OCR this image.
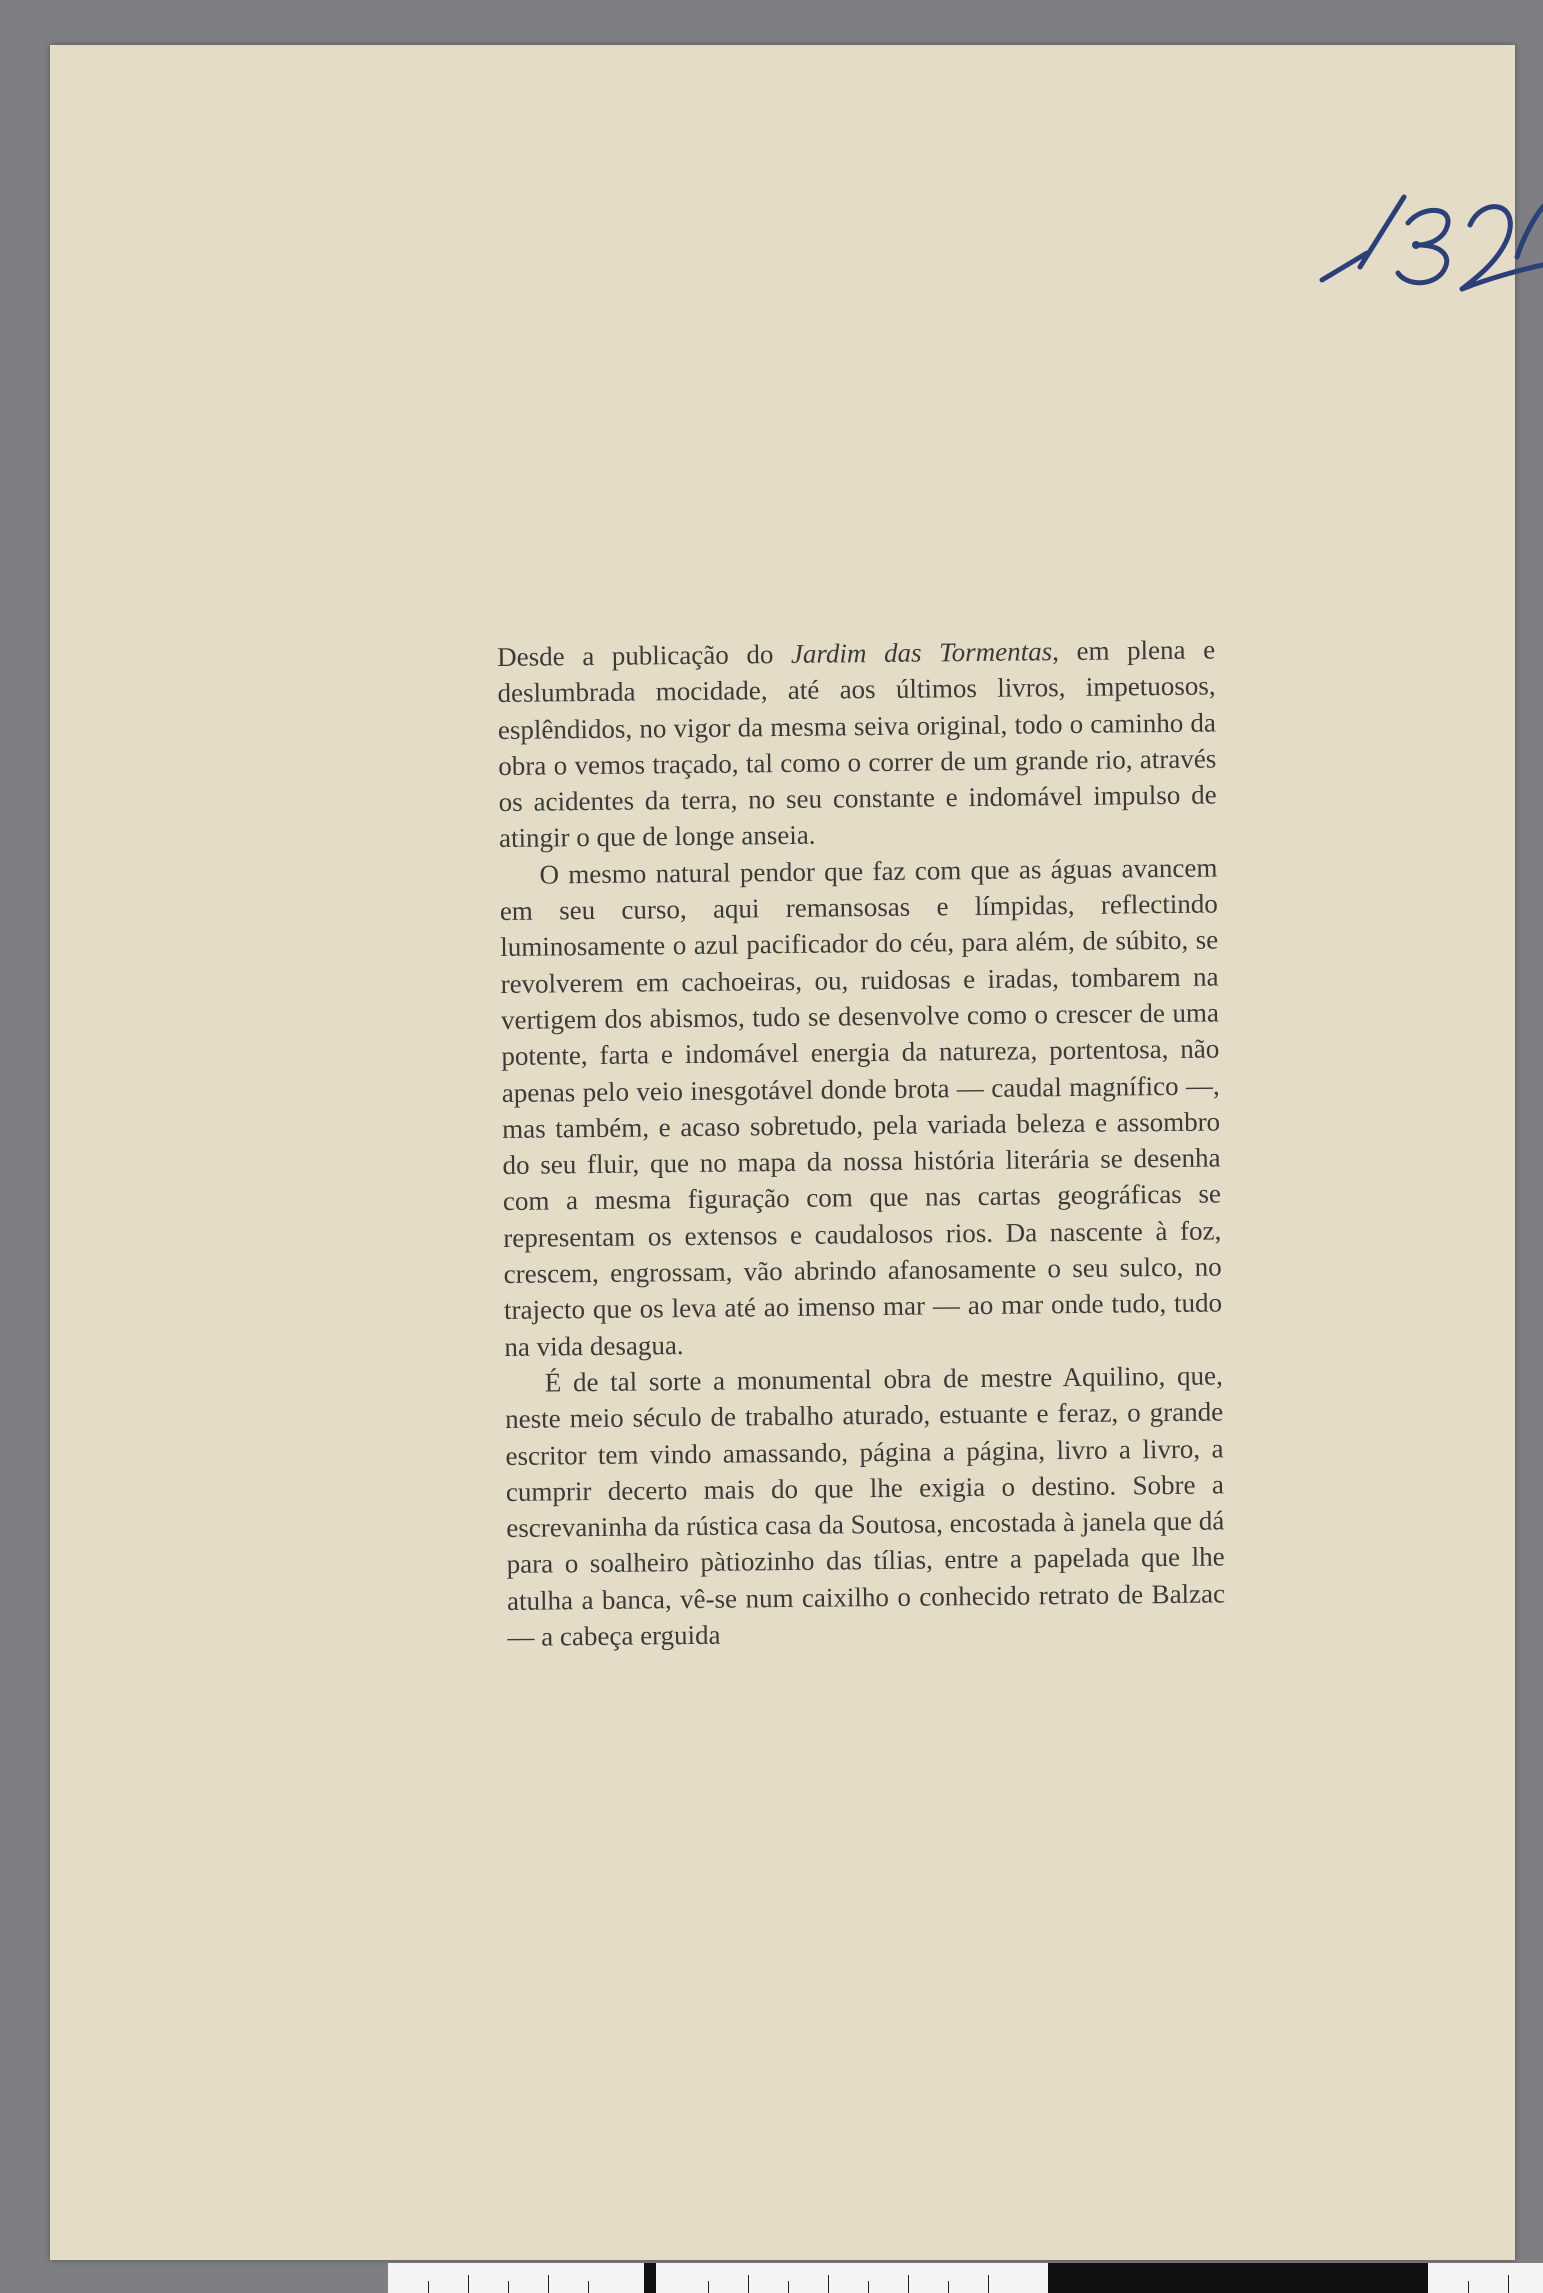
Desde a publicação do Jardim das Tormentas, em plena e deslumbrada mocidade, até aos últimos livros, impetuosos, esplêndidos, no vigor da mesma seiva original, todo o caminho da obra o vemos traçado, tal como o correr de um grande rio, através os acidentes da terra, no seu constante e indomável impulso de atingir o que de longe anseia.

O mesmo natural pendor que faz com que as águas avancem em seu curso, aqui remansosas e límpidas, reflectindo luminosamente o azul pacificador do céu, para além, de súbito, se revolverem em cachoeiras, ou, ruidosas e iradas, tombarem na vertigem dos abismos, tudo se desenvolve como o crescer de uma potente, farta e indomável energia da natureza, portentosa, não apenas pelo veio inesgotável donde brota — caudal magnífico —, mas também, e acaso sobretudo, pela variada beleza e assombro do seu fluir, que no mapa da nossa história literária se desenha com a mesma figuração com que nas cartas geográficas se representam os extensos e caudalosos rios. Da nascente à foz, crescem, engrossam, vão abrindo afanosamente o seu sulco, no trajecto que os leva até ao imenso mar — ao mar onde tudo, tudo na vida desagua.

É de tal sorte a monumental obra de mestre Aquilino, que, neste meio século de trabalho aturado, estuante e feraz, o grande escritor tem vindo amassando, página a página, livro a livro, a cumprir decerto mais do que lhe exigia o destino. Sobre a escrevaninha da rústica casa da Soutosa, encostada à janela que dá para o soalheiro pàtiozinho das tílias, entre a papelada que lhe atulha a banca, vê-se num caixilho o conhecido retrato de Balzac — a cabeça erguida
